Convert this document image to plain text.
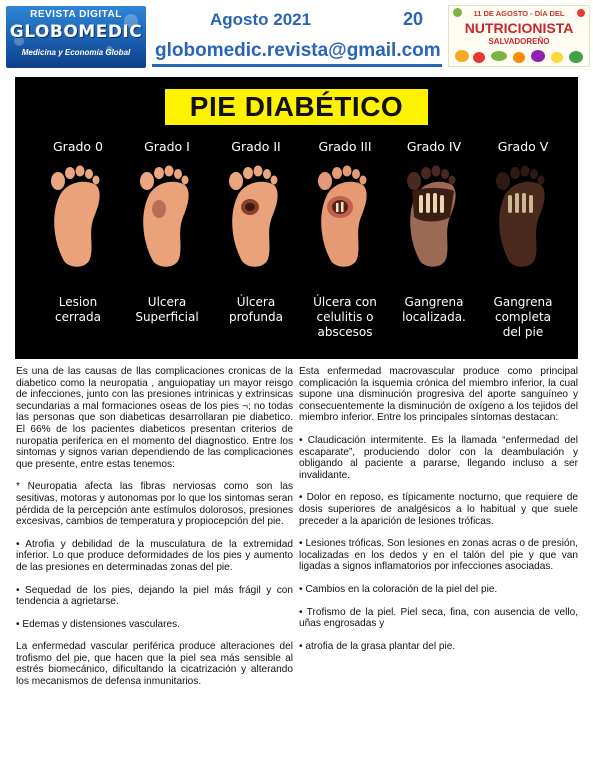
REVISTA DIGITAL
GLOBOMEDIC
Medicina y Economía Global
Agosto 2021	20
globomedic.revista@gmail.com
11 DE AGOSTO - DÍA DEL
NUTRICIONISTA
SALVADOREÑO
PIE DIABÉTICO
Grado 0
Lesion
cerrada
Grado I
Ulcera
Superficial
Grado II
Úlcera
profunda
Grado III
Úlcera con
celulitis o
abscesos
Grado IV
Gangrena
localizada.
Grado V
Gangrena
completa
del pie

Es una de las causas de llas complicaciones cronicas de la diabetico como la neuropatia , anguiopatiay un mayor reisgo de infecciones, junto con las presiones intrinicas y extrinsicas secundarias a mal formaciones oseas de los pies ¬; no todas las personas que son diabeticas desarrollaran pie diabetico. El 66% de los pacientes diabeticos presentan criterios de nuropatia periferica en el momento del diagnostico. Entre los sintomas y signos varian dependiendo de las complicaciones que presente, entre estas tenemos:

* Neuropatia afecta las fibras nerviosas como son las sesitivas, motoras y autonomas por lo que los sintomas seran pérdida de la percepción ante estímulos dolorosos, presiones excesivas, cambios de temperatura y propiocepción del pie.

• Atrofia y debilidad de la musculatura de la extremidad inferior. Lo que produce deformidades de los pies y aumento de las presiones en determinadas zonas del pie.

• Sequedad de los pies, dejando la piel más frágil y con tendencia a agrietarse.

• Edemas y distensiones vasculares.

La enfermedad vascular periférica produce alteraciones del trofismo del pie, que hacen que la piel sea más sensible al estrés biomecánico, dificultando la cicatrización y alterando los mecanismos de defensa inmunitarios.

Esta enfermedad macrovascular produce como principal complicación la isquemia crónica del miembro inferior, la cual supone una disminución progresiva del aporte sanguíneo y consecuentemente la disminución de oxígeno a los tejidos del miembro inferior. Entre los principales síntomas destacan:

• Claudicación intermitente. Es la llamada “enfermedad del escaparate”, produciendo dolor con la deambulación y obligando al paciente a pararse, llegando incluso a ser invalidante.

• Dolor en reposo, es típicamente nocturno, que requiere de dosis superiores de analgésicos a lo habitual y que suele preceder a la aparición de lesiones tróficas.

• Lesiones tróficas. Son lesiones en zonas acras o de presión, localizadas en los dedos y en el talón del pie y que van ligadas a signos inflamatorios por infecciones asociadas.

• Cambios en la coloración de la piel del pie.

• Trofismo de la piel. Piel seca, fina, con ausencia de vello, uñas engrosadas y

• atrofia de la grasa plantar del pie.
